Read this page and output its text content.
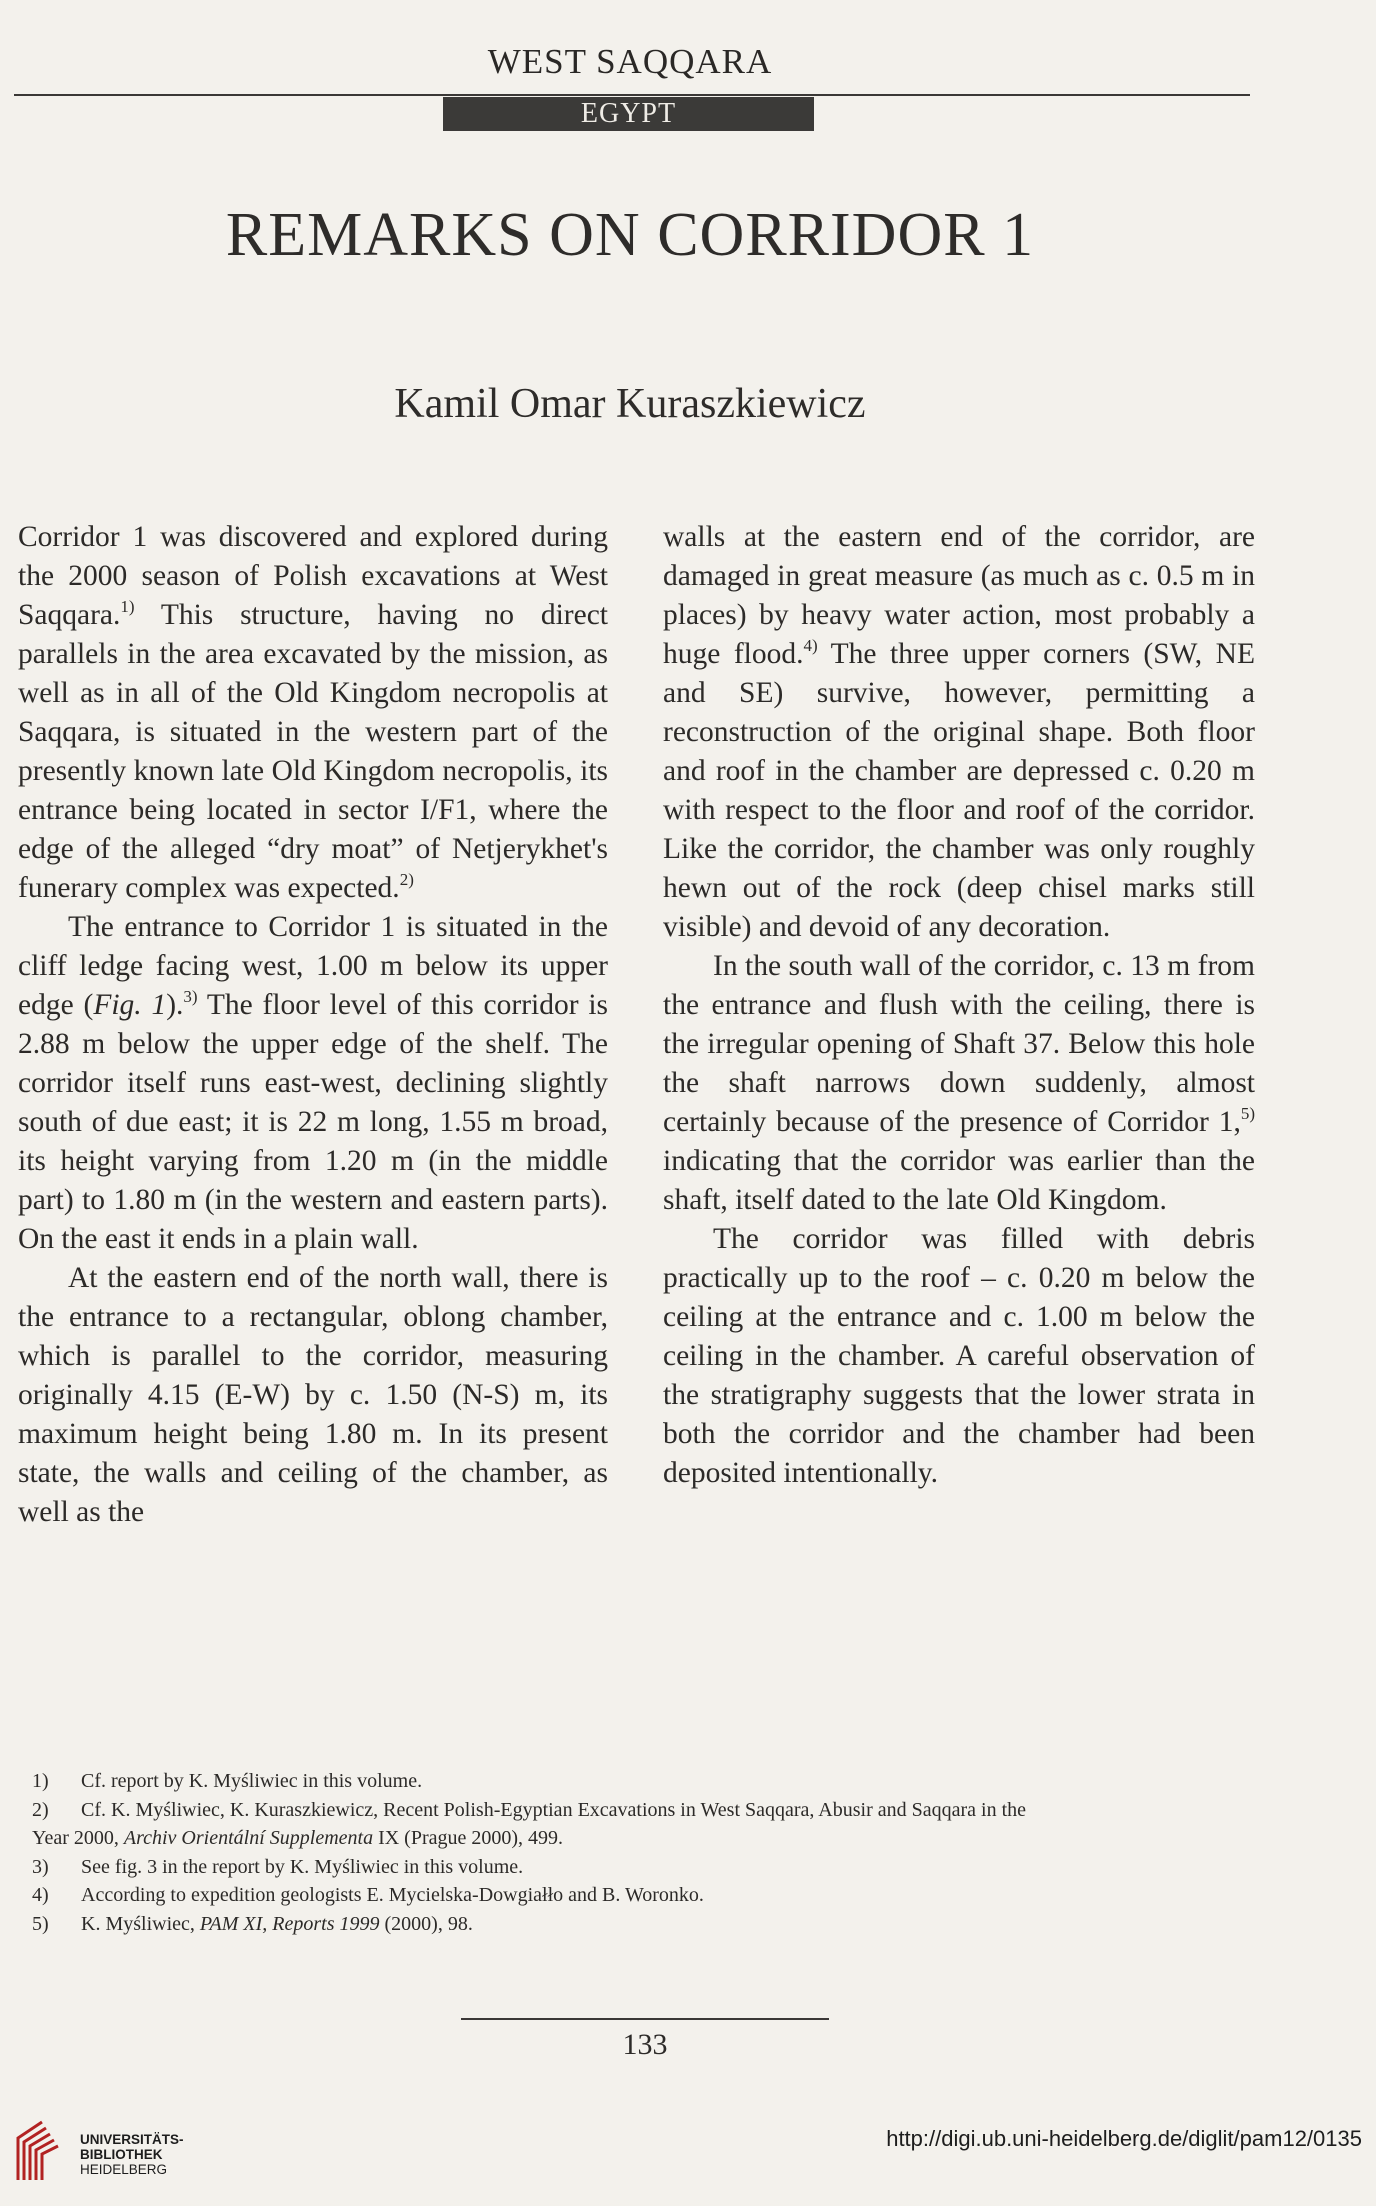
WEST SAQQARA
EGYPT
REMARKS ON CORRIDOR 1
Kamil Omar Kuraszkiewicz

Corridor 1 was discovered and explored during the 2000 season of Polish excavations at West Saqqara.$^{1)}$ This structure, having no direct parallels in the area excavated by the mission, as well as in all of the Old Kingdom necropolis at Saqqara, is situated in the western part of the presently known late Old Kingdom necropolis, its entrance being located in sector I/F1, where the edge of the alleged “dry moat” of Netjerykhet's funerary complex was expected.$^{2)}$

The entrance to Corridor 1 is situated in the cliff ledge facing west, 1.00 m below its upper edge (Fig. 1).$^{3)}$ The floor level of this corridor is 2.88 m below the upper edge of the shelf. The corridor itself runs east-west, declining slightly south of due east; it is 22 m long, 1.55 m broad, its height varying from 1.20 m (in the middle part) to 1.80 m (in the western and eastern parts). On the east it ends in a plain wall.

At the eastern end of the north wall, there is the entrance to a rectangular, oblong chamber, which is parallel to the corridor, measuring originally 4.15 (E-W) by c. 1.50 (N-S) m, its maximum height being 1.80 m. In its present state, the walls and ceiling of the chamber, as well as the

walls at the eastern end of the corridor, are damaged in great measure (as much as c. 0.5 m in places) by heavy water action, most probably a huge flood.$^{4)}$ The three upper corners (SW, NE and SE) survive, however, permitting a reconstruction of the original shape. Both floor and roof in the chamber are depressed c. 0.20 m with respect to the floor and roof of the corridor. Like the corridor, the chamber was only roughly hewn out of the rock (deep chisel marks still visible) and devoid of any decoration.

In the south wall of the corridor, c. 13 m from the entrance and flush with the ceiling, there is the irregular opening of Shaft 37. Below this hole the shaft narrows down suddenly, almost certainly because of the presence of Corridor 1,$^{5)}$ indicating that the corridor was earlier than the shaft, itself dated to the late Old Kingdom.

The corridor was filled with debris practically up to the roof – c. 0.20 m below the ceiling at the entrance and c. 1.00 m below the ceiling in the chamber. A careful observation of the stratigraphy suggests that the lower strata in both the corridor and the chamber had been deposited intentionally.

1)	Cf. report by K. Myśliwiec in this volume.
2)	Cf. K. Myśliwiec, K. Kuraszkiewicz, Recent Polish-Egyptian Excavations in West Saqqara, Abusir and Saqqara in the
Year 2000, Archiv Orientální Supplementa IX (Prague 2000), 499.
3)	See fig. 3 in the report by K. Myśliwiec in this volume.
4)	According to expedition geologists E. Mycielska-Dowgiałło and B. Woronko.
5)	K. Myśliwiec, PAM XI, Reports 1999 (2000), 98.
133
UNIVERSITÄTS-
BIBLIOTHEK
HEIDELBERG
http://digi.ub.uni-heidelberg.de/diglit/pam12/0135
